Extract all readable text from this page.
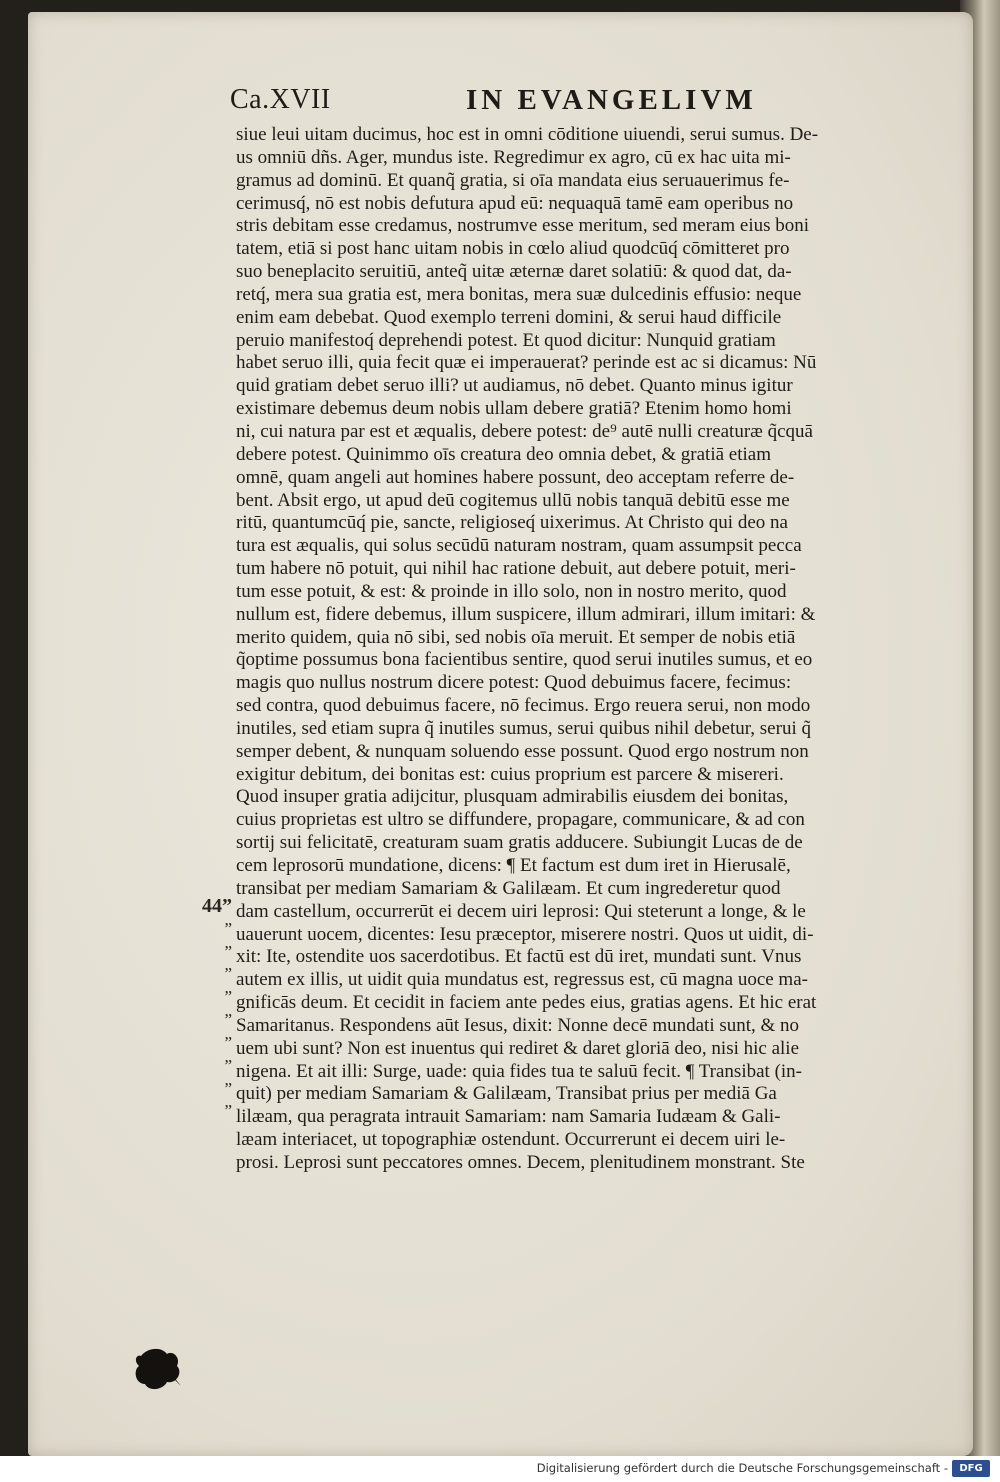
Ca.XVII	IN EVANGELIVM
siue leui uitam ducimus, hoc est in omni cōditione uiuendi, serui sumus. De-
us omniū dñs. Ager, mundus iste. Regredimur ex agro, cū ex hac uita mi-
gramus ad dominū. Et quanq̃ gratia, si oīa mandata eius seruauerimus fe-
cerimusq́, nō est nobis defutura apud eū: nequaquā tamē eam operibus no
stris debitam esse credamus, nostrumve esse meritum, sed meram eius boni
tatem, etiā si post hanc uitam nobis in cœlo aliud quodcūq́ cōmitteret pro
suo beneplacito seruitiū, anteq̃ uitæ æternæ daret solatiū: & quod dat, da-
retq́, mera sua gratia est, mera bonitas, mera suæ dulcedinis effusio: neque
enim eam debebat. Quod exemplo terreni domini, & serui haud difficile
peruio manifestoq́ deprehendi potest. Et quod dicitur: Nunquid gratiam
habet seruo illi, quia fecit quæ ei imperauerat? perinde est ac si dicamus: Nū
quid gratiam debet seruo illi? ut audiamus, nō debet. Quanto minus igitur
existimare debemus deum nobis ullam debere gratiā? Etenim homo homi
ni, cui natura par est et æqualis, debere potest: de⁹ autē nulli creaturæ q̃cquā
debere potest. Quinimmo oīs creatura deo omnia debet, & gratiā etiam
omnē, quam angeli aut homines habere possunt, deo acceptam referre de-
bent. Absit ergo, ut apud deū cogitemus ullū nobis tanquā debitū esse me
ritū, quantumcūq́ pie, sancte, religioseq́ uixerimus. At Christo qui deo na
tura est æqualis, qui solus secūdū naturam nostram, quam assumpsit pecca
tum habere nō potuit, qui nihil hac ratione debuit, aut debere potuit, meri-
tum esse potuit, & est: & proinde in illo solo, non in nostro merito, quod
nullum est, fidere debemus, illum suspicere, illum admirari, illum imitari: &
merito quidem, quia nō sibi, sed nobis oīa meruit. Et semper de nobis etiā
q̃optime possumus bona facientibus sentire, quod serui inutiles sumus, et eo
magis quo nullus nostrum dicere potest: Quod debuimus facere, fecimus:
sed contra, quod debuimus facere, nō fecimus. Ergo reuera serui, non modo
inutiles, sed etiam supra q̃ inutiles sumus, serui quibus nihil debetur, serui q̃
semper debent, & nunquam soluendo esse possunt. Quod ergo nostrum non
exigitur debitum, dei bonitas est: cuius proprium est parcere & misereri.
Quod insuper gratia adijcitur, plusquam admirabilis eiusdem dei bonitas,
cuius proprietas est ultro se diffundere, propagare, communicare, & ad con
sortij sui felicitatē, creaturam suam gratis adducere. Subiungit Lucas de de
cem leprosorū mundatione, dicens: ¶ Et factum est dum iret in Hierusalē,
transibat per mediam Samariam & Galilæam. Et cum ingrederetur quod
dam castellum, occurrerūt ei decem uiri leprosi: Qui steterunt a longe, & le
uauerunt uocem, dicentes: Iesu præceptor, miserere nostri. Quos ut uidit, di-
xit: Ite, ostendite uos sacerdotibus. Et factū est dū iret, mundati sunt. Vnus
autem ex illis, ut uidit quia mundatus est, regressus est, cū magna uoce ma-
gnificās deum. Et cecidit in faciem ante pedes eius, gratias agens. Et hic erat
Samaritanus. Respondens aūt Iesus, dixit: Nonne decē mundati sunt, & no
uem ubi sunt? Non est inuentus qui rediret & daret gloriā deo, nisi hic alie
nigena. Et ait illi: Surge, uade: quia fides tua te saluū fecit. ¶ Transibat (in-
quit) per mediam Samariam & Galilæam, Transibat prius per mediā Ga
lilæam, qua peragrata intrauit Samariam: nam Samaria Iudæam & Gali-
læam interiacet, ut topographiæ ostendunt. Occurrerunt ei decem uiri le-
prosi. Leprosi sunt peccatores omnes. Decem, plenitudinem monstrant. Ste
44”
”
”
”
”
”
”
”
”
”
Digitalisierung gefördert durch die Deutsche Forschungsgemeinschaft -	DFG
